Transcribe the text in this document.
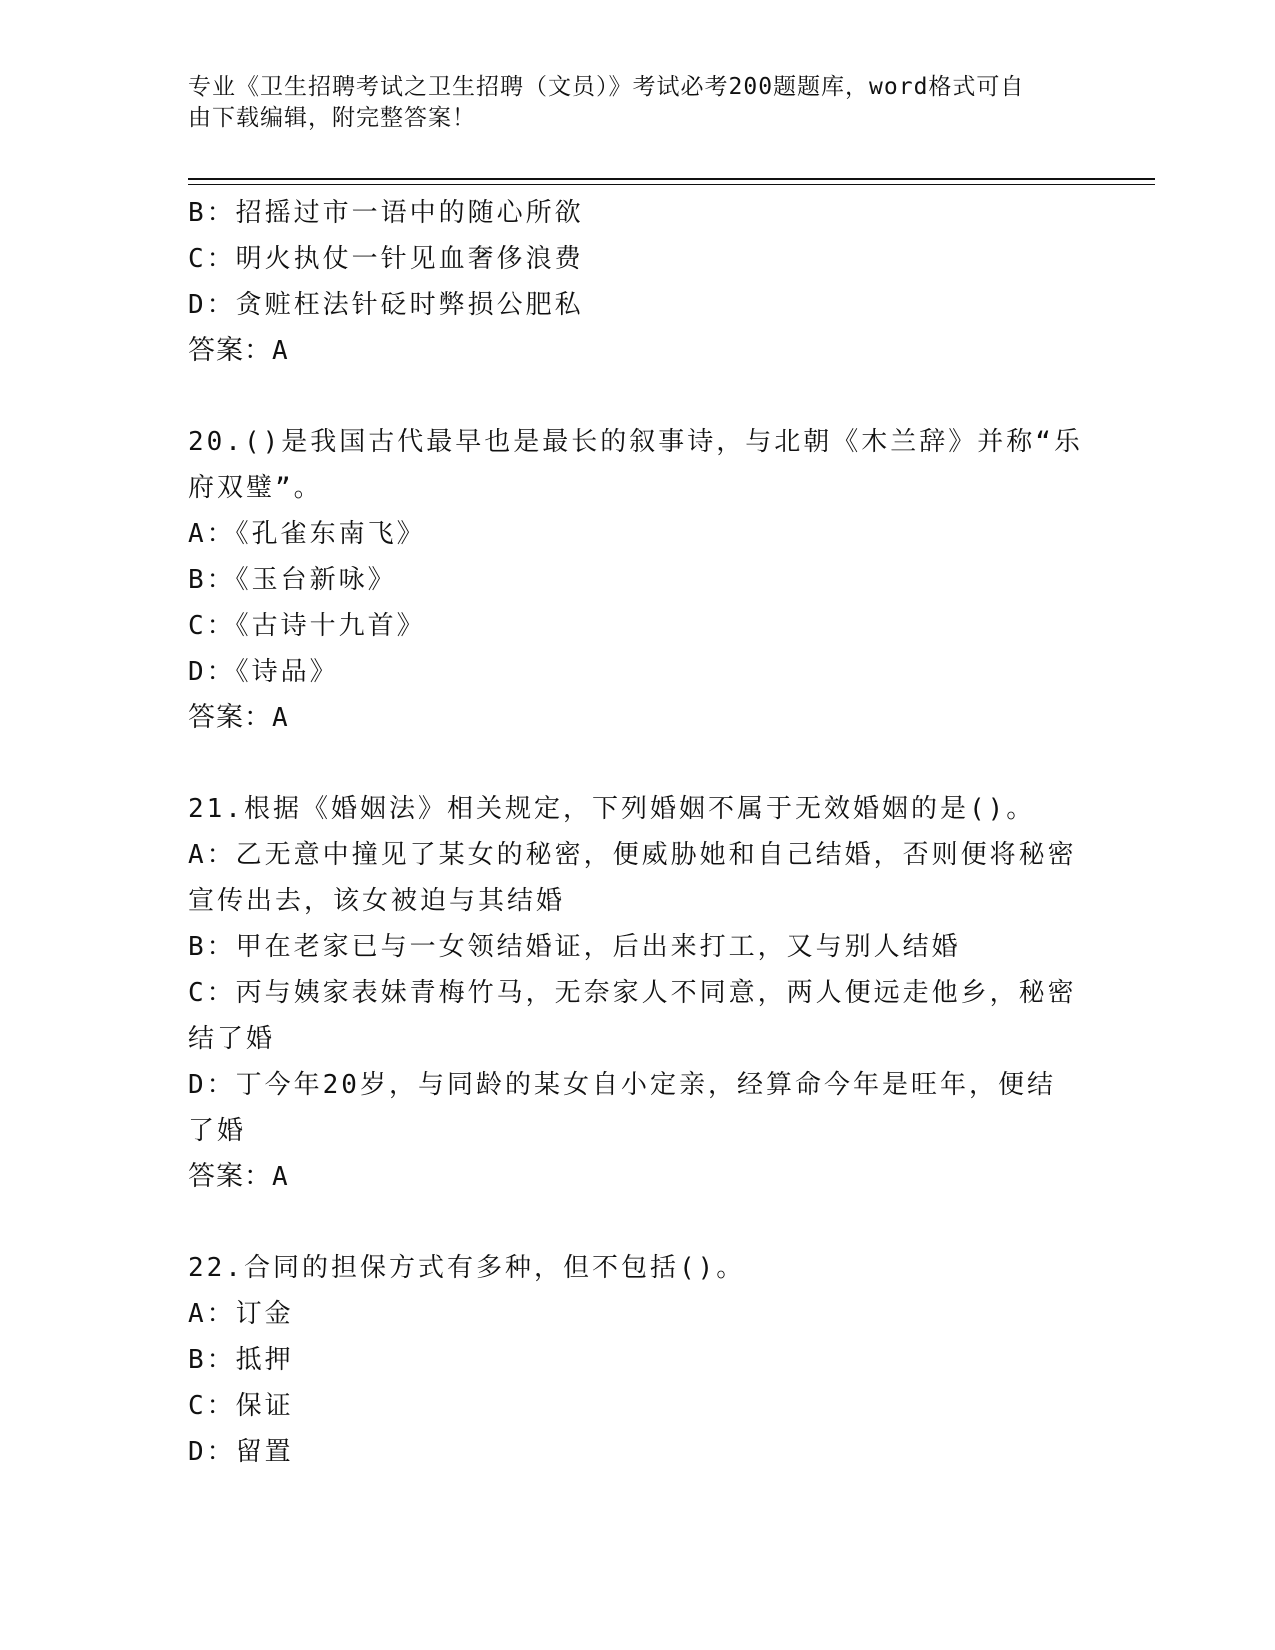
专业《卫生招聘考试之卫生招聘（文员）》考试必考200题题库，word格式可自
由下载编辑，附完整答案！
B：招摇过市一语中的随心所欲
C：明火执仗一针见血奢侈浪费
D：贪赃枉法针砭时弊损公肥私
答案：A
20.()是我国古代最早也是最长的叙事诗，与北朝《木兰辞》并称“乐
府双璧”。
A：《孔雀东南飞》
B：《玉台新咏》
C：《古诗十九首》
D：《诗品》
答案：A
21.根据《婚姻法》相关规定，下列婚姻不属于无效婚姻的是()。
A：乙无意中撞见了某女的秘密，便威胁她和自己结婚，否则便将秘密
宣传出去，该女被迫与其结婚
B：甲在老家已与一女领结婚证，后出来打工，又与别人结婚
C：丙与姨家表妹青梅竹马，无奈家人不同意，两人便远走他乡，秘密
结了婚
D：丁今年20岁，与同龄的某女自小定亲，经算命今年是旺年，便结
了婚
答案：A
22.合同的担保方式有多种，但不包括()。
A：订金
B：抵押
C：保证
D：留置
